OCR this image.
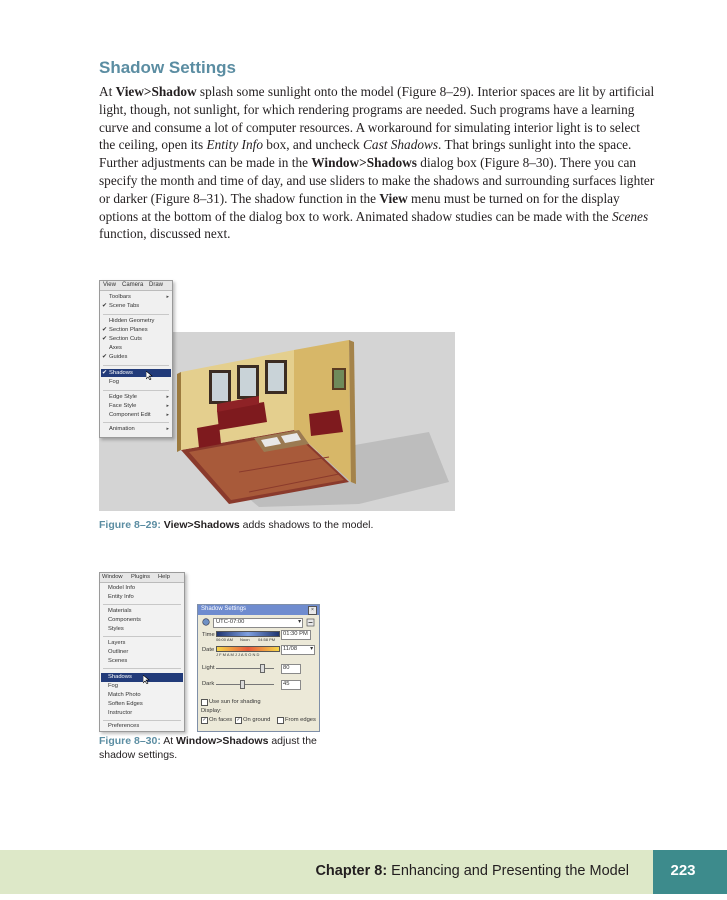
Shadow Settings

At View>Shadow splash some sunlight onto the model (Figure 8–29). Interior spaces are lit by artificial light, though, not sunlight, for which rendering programs are needed. Such programs have a learning curve and consume a lot of computer resources. A workaround for simulating interior light is to select the ceiling, open its Entity Info box, and uncheck Cast Shadows. That brings sunlight into the space. Further adjustments can be made in the Window>Shadows dialog box (Figure 8–30). There you can specify the month and time of day, and use sliders to make the shadows and surrounding surfaces lighter or darker (Figure 8–31). The shadow function in the View menu must be turned on for the display options at the bottom of the dialog box to work. Animated shadow studies can be made with the Scenes function, discussed next.

View Camera Draw
Toolbars	▸
✔ Scene Tabs
Hidden Geometry
✔ Section Planes
✔ Section Cuts
Axes
✔ Guides
✔ Shadows
Fog
Edge Style	▸
Face Style	▸
Component Edit	▸
Animation	▸
Figure 8–29: View>Shadows adds shadows to the model.
Window Plugins Help
Model Info
Entity Info
Materials
Components
Styles
Layers
Outliner
Scenes
Shadows
Fog
Match Photo
Soften Edges
Instructor
Preferences
Shadow Settings	×
UTC-07:00	▾
Time
06:00 AM Noon 04:58 PM
01:30 PM
Date
J F M A M J J A S O N D
11/08 ▾
Light	80
Dark	45
Use sun for shading
Display:
✓ On faces ✓ On ground	From edges
Figure 8–30: At Window>Shadows adjust the shadow settings.
Chapter 8: Enhancing and Presenting the Model	223
